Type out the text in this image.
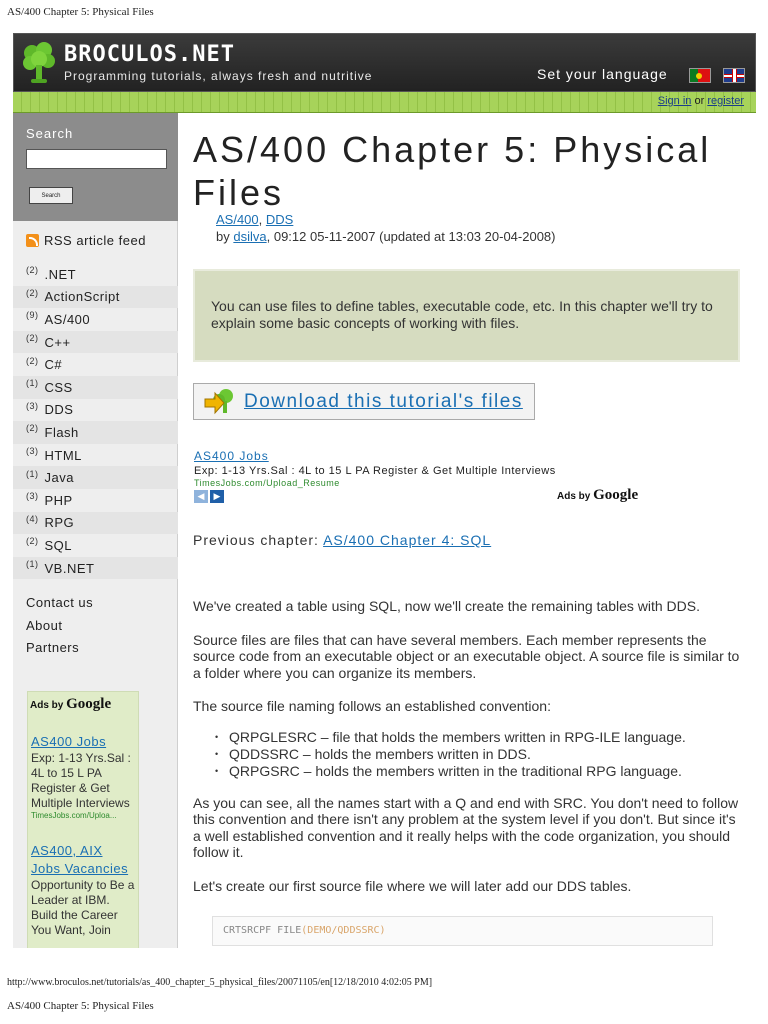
AS/400 Chapter 5: Physical Files
BROCULOS.NET
Programming tutorials, always fresh and nutritive	Set your language
Sign in or register
Search
Search
RSS article feed
(2) .NET
(2) ActionScript
(9) AS/400
(2) C++
(2) C#
(1) CSS
(3) DDS
(2) Flash
(3) HTML
(1) Java
(3) PHP
(4) RPG
(2) SQL
(1) VB.NET
Contact us
About
Partners
Ads by Google
AS400 Jobs
Exp: 1-13 Yrs.Sal : 4L to 15 L PA Register & Get Multiple Interviews
TimesJobs.com/Uploa...
AS400, AIX Jobs Vacancies
Opportunity to Be a Leader at IBM. Build the Career You Want, Join
AS/400 Chapter 5: Physical Files
AS/400, DDS
by dsilva, 09:12 05-11-2007 (updated at 13:03 20-04-2008)
You can use files to define tables, executable code, etc. In this chapter we'll try to explain some basic concepts of working with files.
Download this tutorial's files
AS400 Jobs
Exp: 1-13 Yrs.Sal : 4L to 15 L PA Register & Get Multiple Interviews
TimesJobs.com/Upload_Resume
◀	▶	Ads by Google
Previous chapter: AS/400 Chapter 4: SQL

We've created a table using SQL, now we'll create the remaining tables with DDS.

Source files are files that can have several members. Each member represents the source code from an executable object or an executable object. A source file is similar to a folder where you can organize its members.

The source file naming follows an established convention:

• QRPGLESRC – file that holds the members written in RPG-ILE language.
• QDDSSRC – holds the members written in DDS.
• QRPGSRC – holds the members written in the traditional RPG language.

As you can see, all the names start with a Q and end with SRC. You don't need to follow this convention and there isn't any problem at the system level if you don't. But since it's a well established convention and it really helps with the code organization, you should follow it.

Let's create our first source file where we will later add our DDS tables.

CRTSRCPF FILE(DEMO/QDDSSRC)
http://www.broculos.net/tutorials/as_400_chapter_5_physical_files/20071105/en[12/18/2010 4:02:05 PM]
AS/400 Chapter 5: Physical Files
